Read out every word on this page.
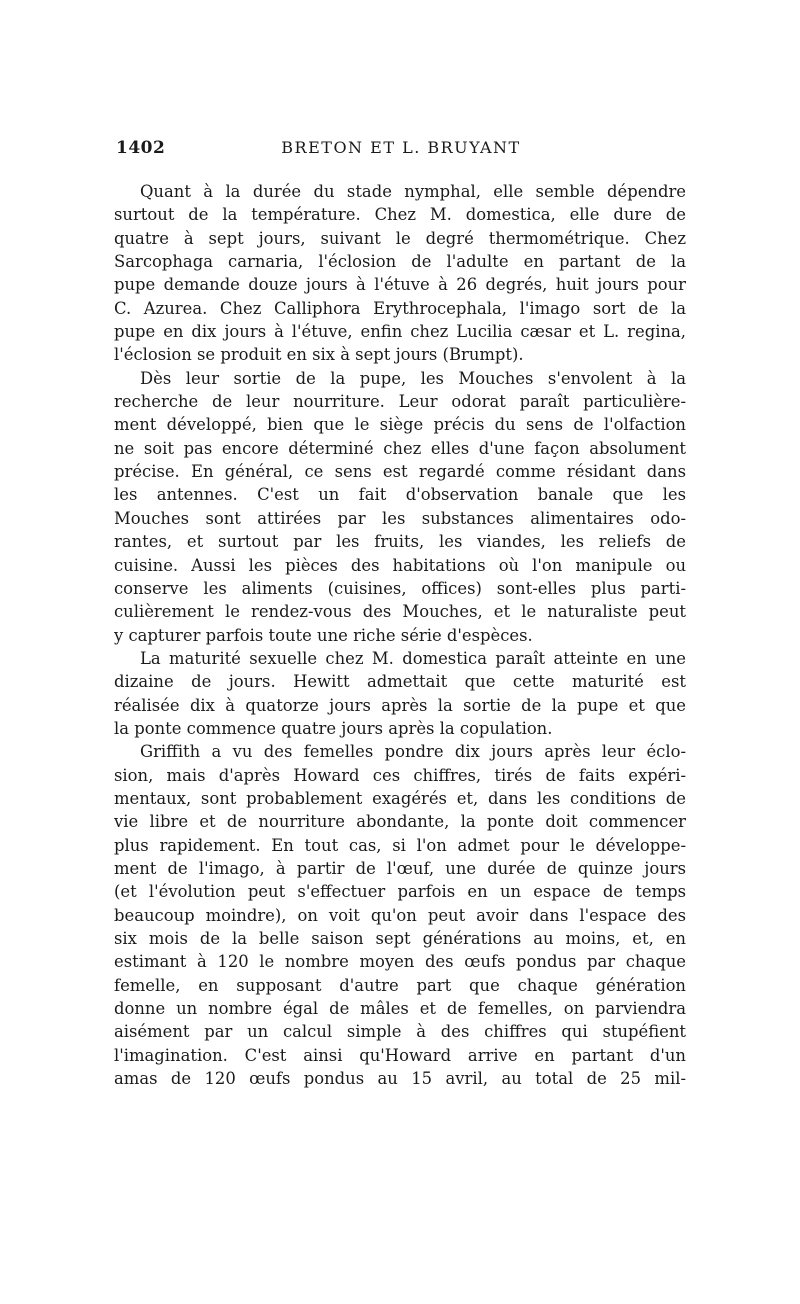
1402	BRETON ET L. BRUYANT
Quant à la durée du stade nymphal, elle semble dépendre
surtout de la température. Chez M. domestica, elle dure de
quatre à sept jours, suivant le degré thermométrique. Chez
Sarcophaga carnaria, l'éclosion de l'adulte en partant de la
pupe demande douze jours à l'étuve à 26 degrés, huit jours pour
C. Azurea. Chez Calliphora Erythrocephala, l'imago sort de la
pupe en dix jours à l'étuve, enfin chez Lucilia cæsar et L. regina,
l'éclosion se produit en six à sept jours (Brumpt).
Dès leur sortie de la pupe, les Mouches s'envolent à la
recherche de leur nourriture. Leur odorat paraît particulière-
ment développé, bien que le siège précis du sens de l'olfaction
ne soit pas encore déterminé chez elles d'une façon absolument
précise. En général, ce sens est regardé comme résidant dans
les antennes. C'est un fait d'observation banale que les
Mouches sont attirées par les substances alimentaires odo-
rantes, et surtout par les fruits, les viandes, les reliefs de
cuisine. Aussi les pièces des habitations où l'on manipule ou
conserve les aliments (cuisines, offices) sont-elles plus parti-
culièrement le rendez-vous des Mouches, et le naturaliste peut
y capturer parfois toute une riche série d'espèces.
La maturité sexuelle chez M. domestica paraît atteinte en une
dizaine de jours. Hewitt admettait que cette maturité est
réalisée dix à quatorze jours après la sortie de la pupe et que
la ponte commence quatre jours après la copulation.
Griffith a vu des femelles pondre dix jours après leur éclo-
sion, mais d'après Howard ces chiffres, tirés de faits expéri-
mentaux, sont probablement exagérés et, dans les conditions de
vie libre et de nourriture abondante, la ponte doit commencer
plus rapidement. En tout cas, si l'on admet pour le développe-
ment de l'imago, à partir de l'œuf, une durée de quinze jours
(et l'évolution peut s'effectuer parfois en un espace de temps
beaucoup moindre), on voit qu'on peut avoir dans l'espace des
six mois de la belle saison sept générations au moins, et, en
estimant à 120 le nombre moyen des œufs pondus par chaque
femelle, en supposant d'autre part que chaque génération
donne un nombre égal de mâles et de femelles, on parviendra
aisément par un calcul simple à des chiffres qui stupéfient
l'imagination. C'est ainsi qu'Howard arrive en partant d'un
amas de 120 œufs pondus au 15 avril, au total de 25 mil-
